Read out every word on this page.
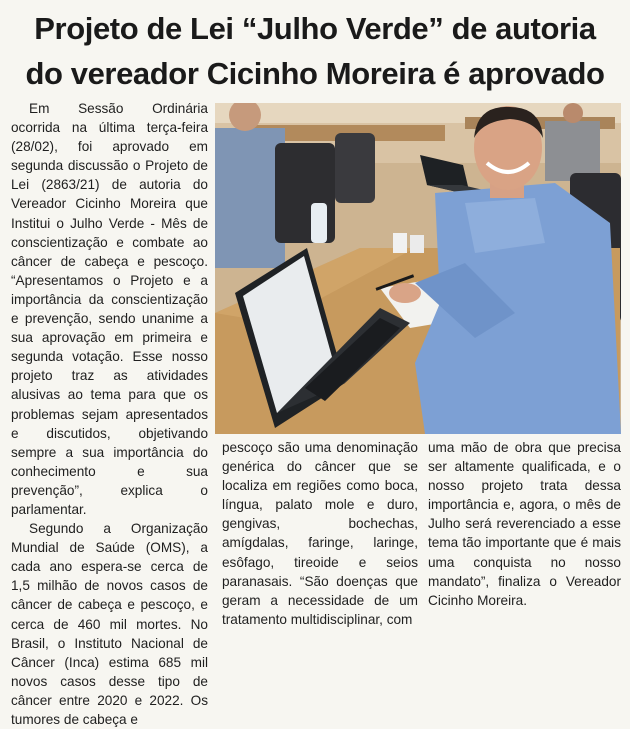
Projeto de Lei “Julho Verde” de autoria
do vereador Cicinho Moreira é aprovado

Em Sessão Ordinária ocorrida na última terça-feira (28/02), foi aprovado em segunda discussão o Projeto de Lei (2863/21) de autoria do Vereador Cicinho Moreira que Institui o Julho Verde - Mês de conscientização e combate ao câncer de cabeça e pescoço. “Apresentamos o Projeto e a importância da conscientização e prevenção, sendo unanime a sua aprovação em primeira e segunda votação. Esse nosso projeto traz as atividades alusivas ao tema para que os problemas sejam apresentados e discutidos, objetivando sempre a sua importância do conhecimento e sua prevenção”, explica o parlamentar.

Segundo a Organização Mundial de Saúde (OMS), a cada ano espera-se cerca de 1,5 milhão de novos casos de câncer de cabeça e pescoço, e cerca de 460 mil mortes. No Brasil, o Instituto Nacional de Câncer (Inca) estima 685 mil novos casos desse tipo de câncer entre 2020 e 2022. Os tumores de cabeça e

pescoço são uma denominação genérica do câncer que se localiza em regiões como boca, língua, palato mole e duro, gengivas, bochechas, amígdalas, faringe, laringe, esôfago, tireoide e seios paranasais. “São doenças que geram a necessidade de um tratamento multidisciplinar, com

uma mão de obra que precisa ser altamente qualificada, e o nosso projeto trata dessa importância e, agora, o mês de Julho será reverenciado a esse tema tão importante que é mais uma conquista no nosso mandato”, finaliza o Vereador Cicinho Moreira.
